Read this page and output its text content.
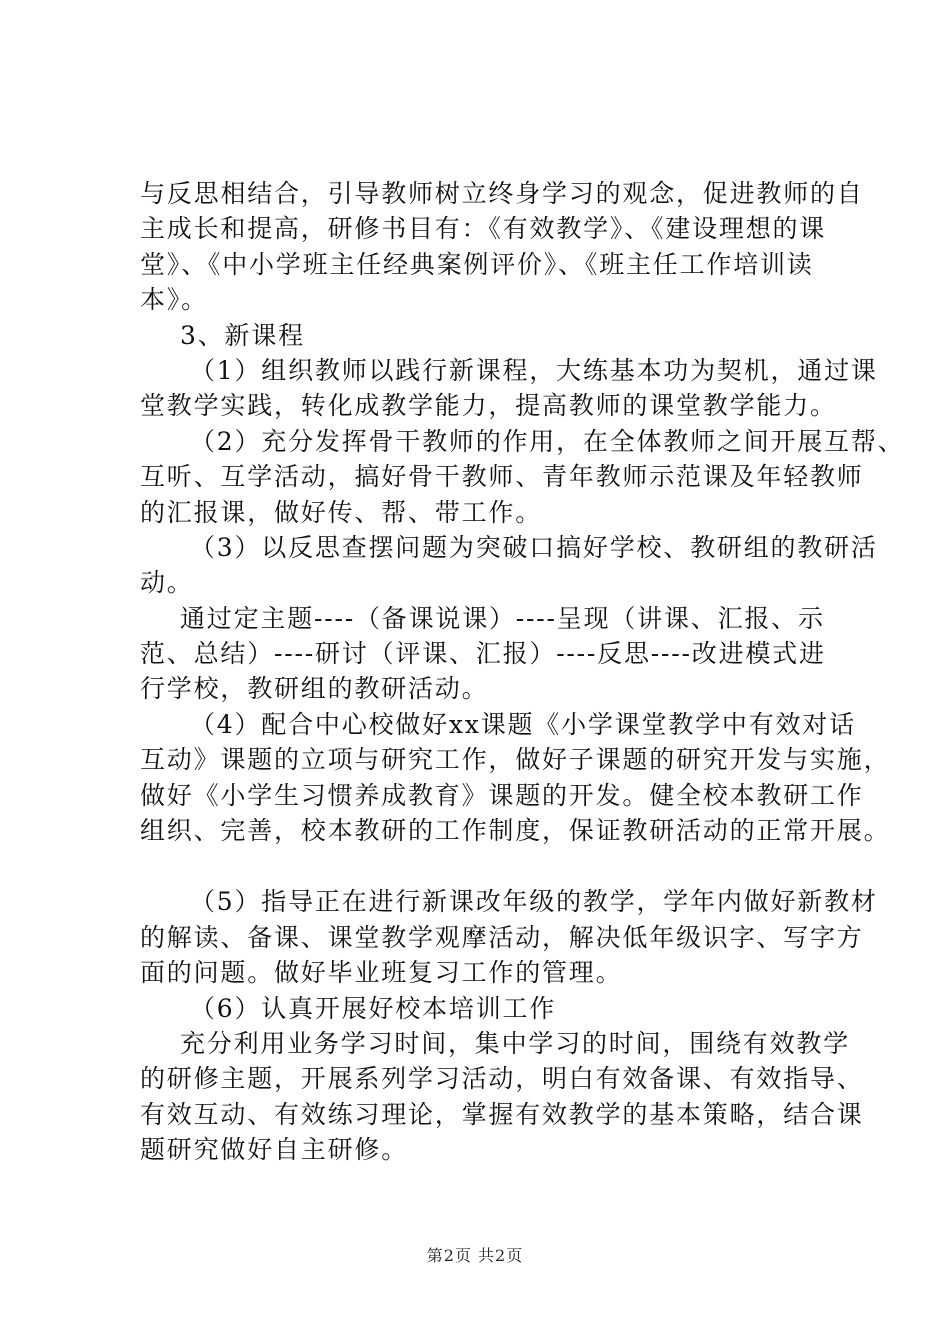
与反思相结合，引导教师树立终身学习的观念，促进教师的自
主成长和提高，研修书目有：《有效教学》、《建设理想的课
堂》、《中小学班主任经典案例评价》、《班主任工作培训读
本》。
3、新课程
（1）组织教师以践行新课程，大练基本功为契机，通过课
堂教学实践，转化成教学能力，提高教师的课堂教学能力。
（2）充分发挥骨干教师的作用，在全体教师之间开展互帮、
互听、互学活动，搞好骨干教师、青年教师示范课及年轻教师
的汇报课，做好传、帮、带工作。
（3）以反思查摆问题为突破口搞好学校、教研组的教研活
动。
通过定主题----（备课说课）----呈现（讲课、汇报、示
范、总结）----研讨（评课、汇报）----反思----改进模式进
行学校，教研组的教研活动。
（4）配合中心校做好xx课题《小学课堂教学中有效对话
互动》课题的立项与研究工作，做好子课题的研究开发与实施，
做好《小学生习惯养成教育》课题的开发。健全校本教研工作
组织、完善，校本教研的工作制度，保证教研活动的正常开展。
（5）指导正在进行新课改年级的教学，学年内做好新教材
的解读、备课、课堂教学观摩活动，解决低年级识字、写字方
面的问题。做好毕业班复习工作的管理。
（6）认真开展好校本培训工作
充分利用业务学习时间，集中学习的时间，围绕有效教学
的研修主题，开展系列学习活动，明白有效备课、有效指导、
有效互动、有效练习理论，掌握有效教学的基本策略，结合课
题研究做好自主研修。
第2页 共2页
